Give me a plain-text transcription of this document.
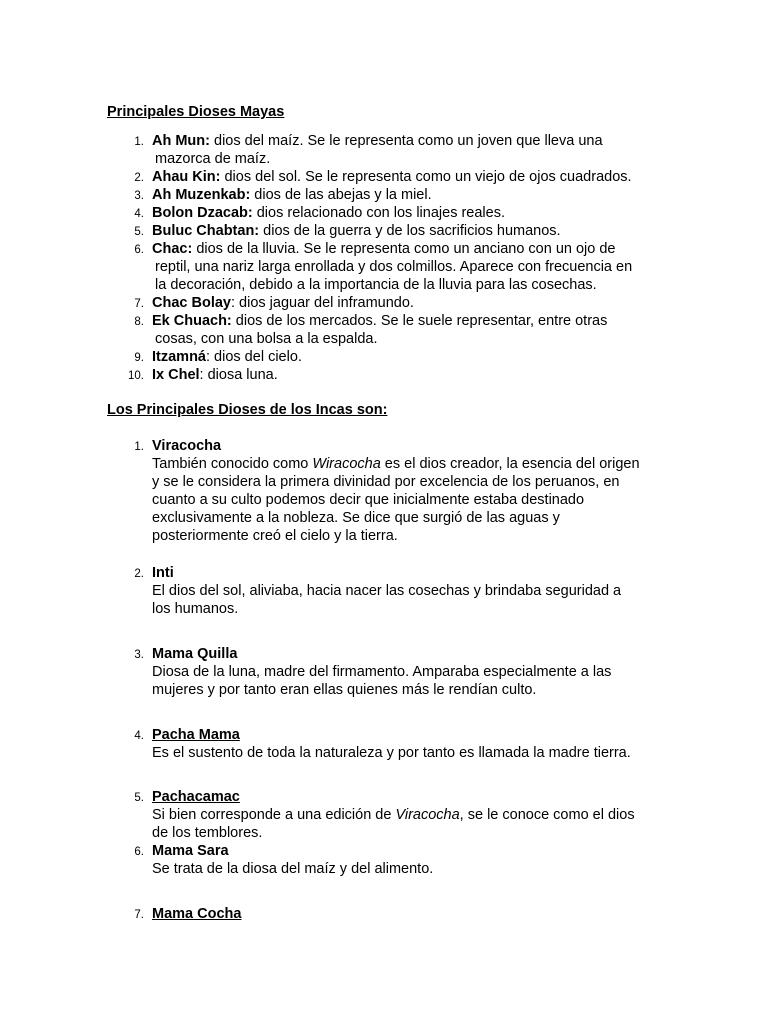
Principales Dioses Mayas
1. Ah Mun: dios del maíz. Se le representa como un joven que lleva una
mazorca de maíz.
2. Ahau Kin: dios del sol. Se le representa como un viejo de ojos cuadrados.
3. Ah Muzenkab: dios de las abejas y la miel.
4. Bolon Dzacab: dios relacionado con los linajes reales.
5. Buluc Chabtan: dios de la guerra y de los sacrificios humanos.
6. Chac: dios de la lluvia. Se le representa como un anciano con un ojo de
reptil, una nariz larga enrollada y dos colmillos. Aparece con frecuencia en
la decoración, debido a la importancia de la lluvia para las cosechas.
7. Chac Bolay: dios jaguar del inframundo.
8. Ek Chuach: dios de los mercados. Se le suele representar, entre otras
cosas, con una bolsa a la espalda.
9. Itzamná: dios del cielo.
10. Ix Chel: diosa luna.
Los Principales Dioses de los Incas son:
1. Viracocha
También conocido como Wiracocha es el dios creador, la esencia del origen
y se le considera la primera divinidad por excelencia de los peruanos, en
cuanto a su culto podemos decir que inicialmente estaba destinado
exclusivamente a la nobleza. Se dice que surgió de las aguas y
posteriormente creó el cielo y la tierra.
2. Inti
El dios del sol, aliviaba, hacia nacer las cosechas y brindaba seguridad a
los humanos.
3. Mama Quilla
Diosa de la luna, madre del firmamento. Amparaba especialmente a las
mujeres y por tanto eran ellas quienes más le rendían culto.
4. Pacha Mama
Es el sustento de toda la naturaleza y por tanto es llamada la madre tierra.
5. Pachacamac
Si bien corresponde a una edición de Viracocha, se le conoce como el dios
de los temblores.
6. Mama Sara
Se trata de la diosa del maíz y del alimento.
7. Mama Cocha
